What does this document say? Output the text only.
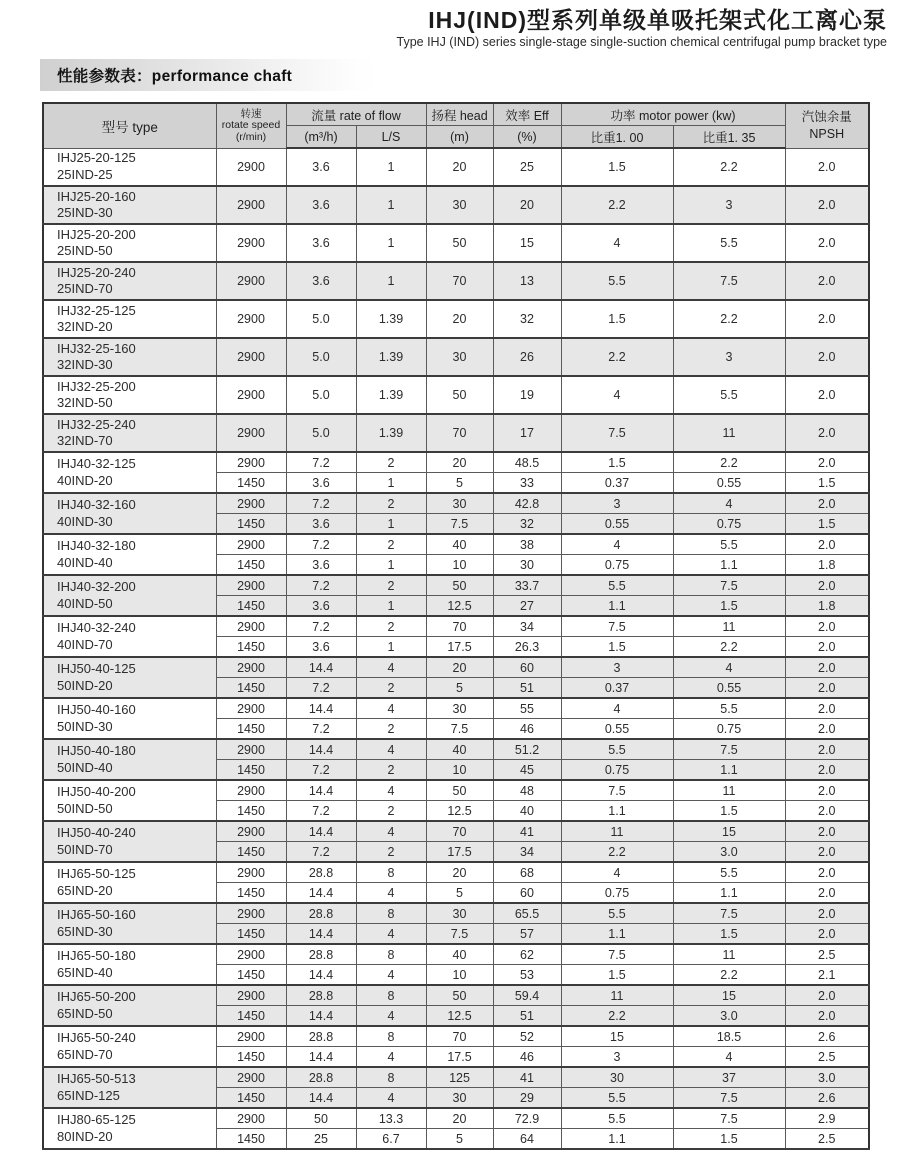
IHJ(IND)型系列单级单吸托架式化工离心泵
Type IHJ (IND) series single-stage single-suction chemical centrifugal pump bracket type
性能参数表：performance chaft
型号 type	
转速
rotate speed
(r/min)
	流量 rate of flow	扬程 head	效率 Eff	功率 motor power (kw)	汽蚀余量
NPSH

		(m³/h)	L/S	(m)	(%)	比重1. 00	比重1. 35	

IHJ25-20-125
25IND-25	2900	3.6	1	20	25	1.5	2.2	2.0

IHJ25-20-160
25IND-30	2900	3.6	1	30	20	2.2	3	2.0

IHJ25-20-200
25IND-50	2900	3.6	1	50	15	4	5.5	2.0

IHJ25-20-240
25IND-70	2900	3.6	1	70	13	5.5	7.5	2.0

IHJ32-25-125
32IND-20	2900	5.0	1.39	20	32	1.5	2.2	2.0

IHJ32-25-160
32IND-30	2900	5.0	1.39	30	26	2.2	3	2.0

IHJ32-25-200
32IND-50	2900	5.0	1.39	50	19	4	5.5	2.0

IHJ32-25-240
32IND-70	2900	5.0	1.39	70	17	7.5	11	2.0

IHJ40-32-125
40IND-20	2900	7.2	2	20	48.5	1.5	2.2	2.0
	1450	3.6	1	5	33	0.37	0.55	1.5

IHJ40-32-160
40IND-30	2900	7.2	2	30	42.8	3	4	2.0
	1450	3.6	1	7.5	32	0.55	0.75	1.5

IHJ40-32-180
40IND-40	2900	7.2	2	40	38	4	5.5	2.0
	1450	3.6	1	10	30	0.75	1.1	1.8

IHJ40-32-200
40IND-50	2900	7.2	2	50	33.7	5.5	7.5	2.0
	1450	3.6	1	12.5	27	1.1	1.5	1.8

IHJ40-32-240
40IND-70	2900	7.2	2	70	34	7.5	11	2.0
	1450	3.6	1	17.5	26.3	1.5	2.2	2.0

IHJ50-40-125
50IND-20	2900	14.4	4	20	60	3	4	2.0
	1450	7.2	2	5	51	0.37	0.55	2.0

IHJ50-40-160
50IND-30	2900	14.4	4	30	55	4	5.5	2.0
	1450	7.2	2	7.5	46	0.55	0.75	2.0

IHJ50-40-180
50IND-40	2900	14.4	4	40	51.2	5.5	7.5	2.0
	1450	7.2	2	10	45	0.75	1.1	2.0

IHJ50-40-200
50IND-50	2900	14.4	4	50	48	7.5	11	2.0
	1450	7.2	2	12.5	40	1.1	1.5	2.0

IHJ50-40-240
50IND-70	2900	14.4	4	70	41	11	15	2.0
	1450	7.2	2	17.5	34	2.2	3.0	2.0

IHJ65-50-125
65IND-20	2900	28.8	8	20	68	4	5.5	2.0
	1450	14.4	4	5	60	0.75	1.1	2.0

IHJ65-50-160
65IND-30	2900	28.8	8	30	65.5	5.5	7.5	2.0
	1450	14.4	4	7.5	57	1.1	1.5	2.0

IHJ65-50-180
65IND-40	2900	28.8	8	40	62	7.5	11	2.5
	1450	14.4	4	10	53	1.5	2.2	2.1

IHJ65-50-200
65IND-50	2900	28.8	8	50	59.4	11	15	2.0
	1450	14.4	4	12.5	51	2.2	3.0	2.0

IHJ65-50-240
65IND-70	2900	28.8	8	70	52	15	18.5	2.6
	1450	14.4	4	17.5	46	3	4	2.5

IHJ65-50-513
65IND-125	2900	28.8	8	125	41	30	37	3.0
	1450	14.4	4	30	29	5.5	7.5	2.6

IHJ80-65-125
80IND-20	2900	50	13.3	20	72.9	5.5	7.5	2.9
	1450	25	6.7	5	64	1.1	1.5	2.5
